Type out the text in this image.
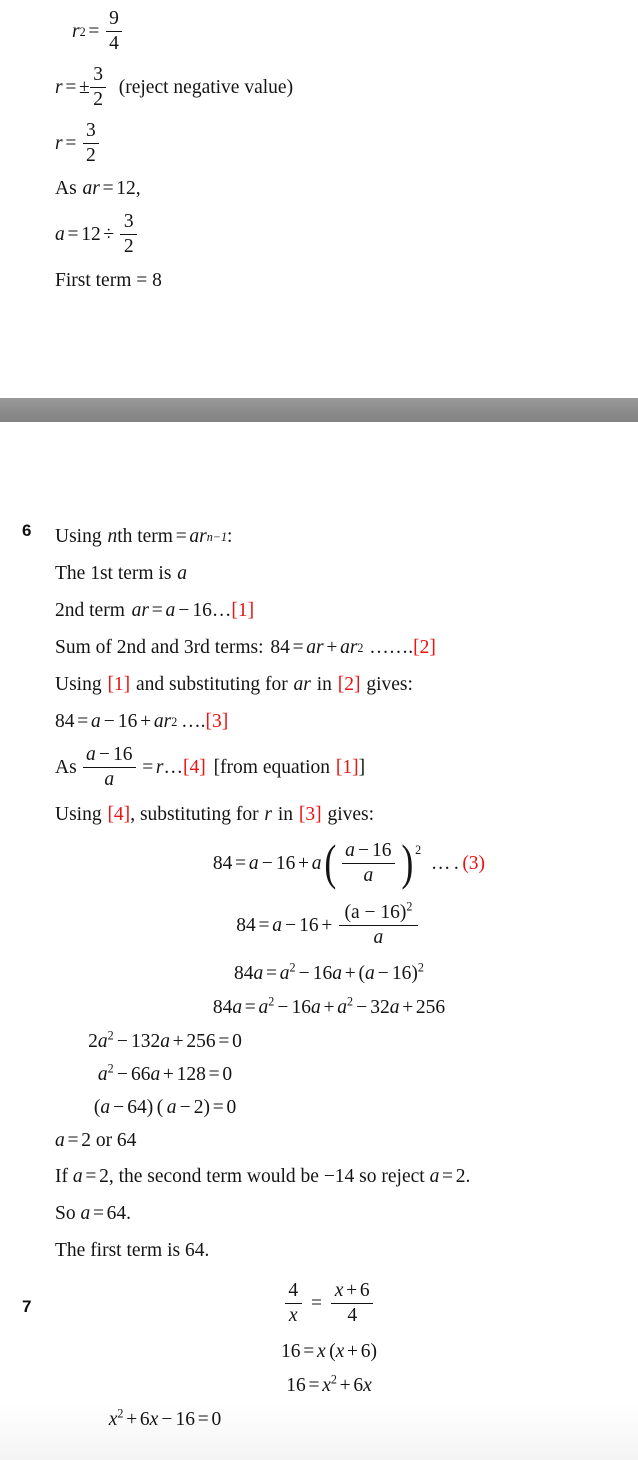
r $2 = \frac{9}{4}$
r = ± $\frac{3}{2}$ (reject negative value)
$r = \frac{3}{2}$
As ar = 12,
$a = 12 \div \frac{3}{2}$
First term = 8
6 Using n th term = ar n−1 :
The 1st term is a
2nd term ar = a − 16 … [1]
Sum of 2nd and 3rd terms: 84 = ar + ar 2 ……. [2]
Using [1] and substituting for ar in [2] gives:
84 = a − 16 + ar 2 …. [3]
As $\frac{a - 16}{a} = r$ … [4] [from equation [1] ]
Using [4] , substituting for r in [3] gives:
84 = a − 16 + a ( $\frac{a - 16}{a} )^2$
…. (3)
$84 = a - 16 + \frac{(a - 16)^2}{a}$
$84a = a^2 - 16a + (a - 16)^2$
$84a = a^2 - 16a + a^2 - 32a + 256$
$2a^2 - 132a + 256 = 0$
$a^2 - 66a + 128 = 0$
(a − 64) ( a − 2) = 0
a = 2 or 64
If a = 2, the second term would be −14 so reject a = 2.
So a = 64.
The first term is 64.
7	$\frac{4}{x} = \frac{x + 6}{4}$
16 = x (x + 6)
$16 = x^2 + 6x$
$x^2 + 6x - 16 = 0$
